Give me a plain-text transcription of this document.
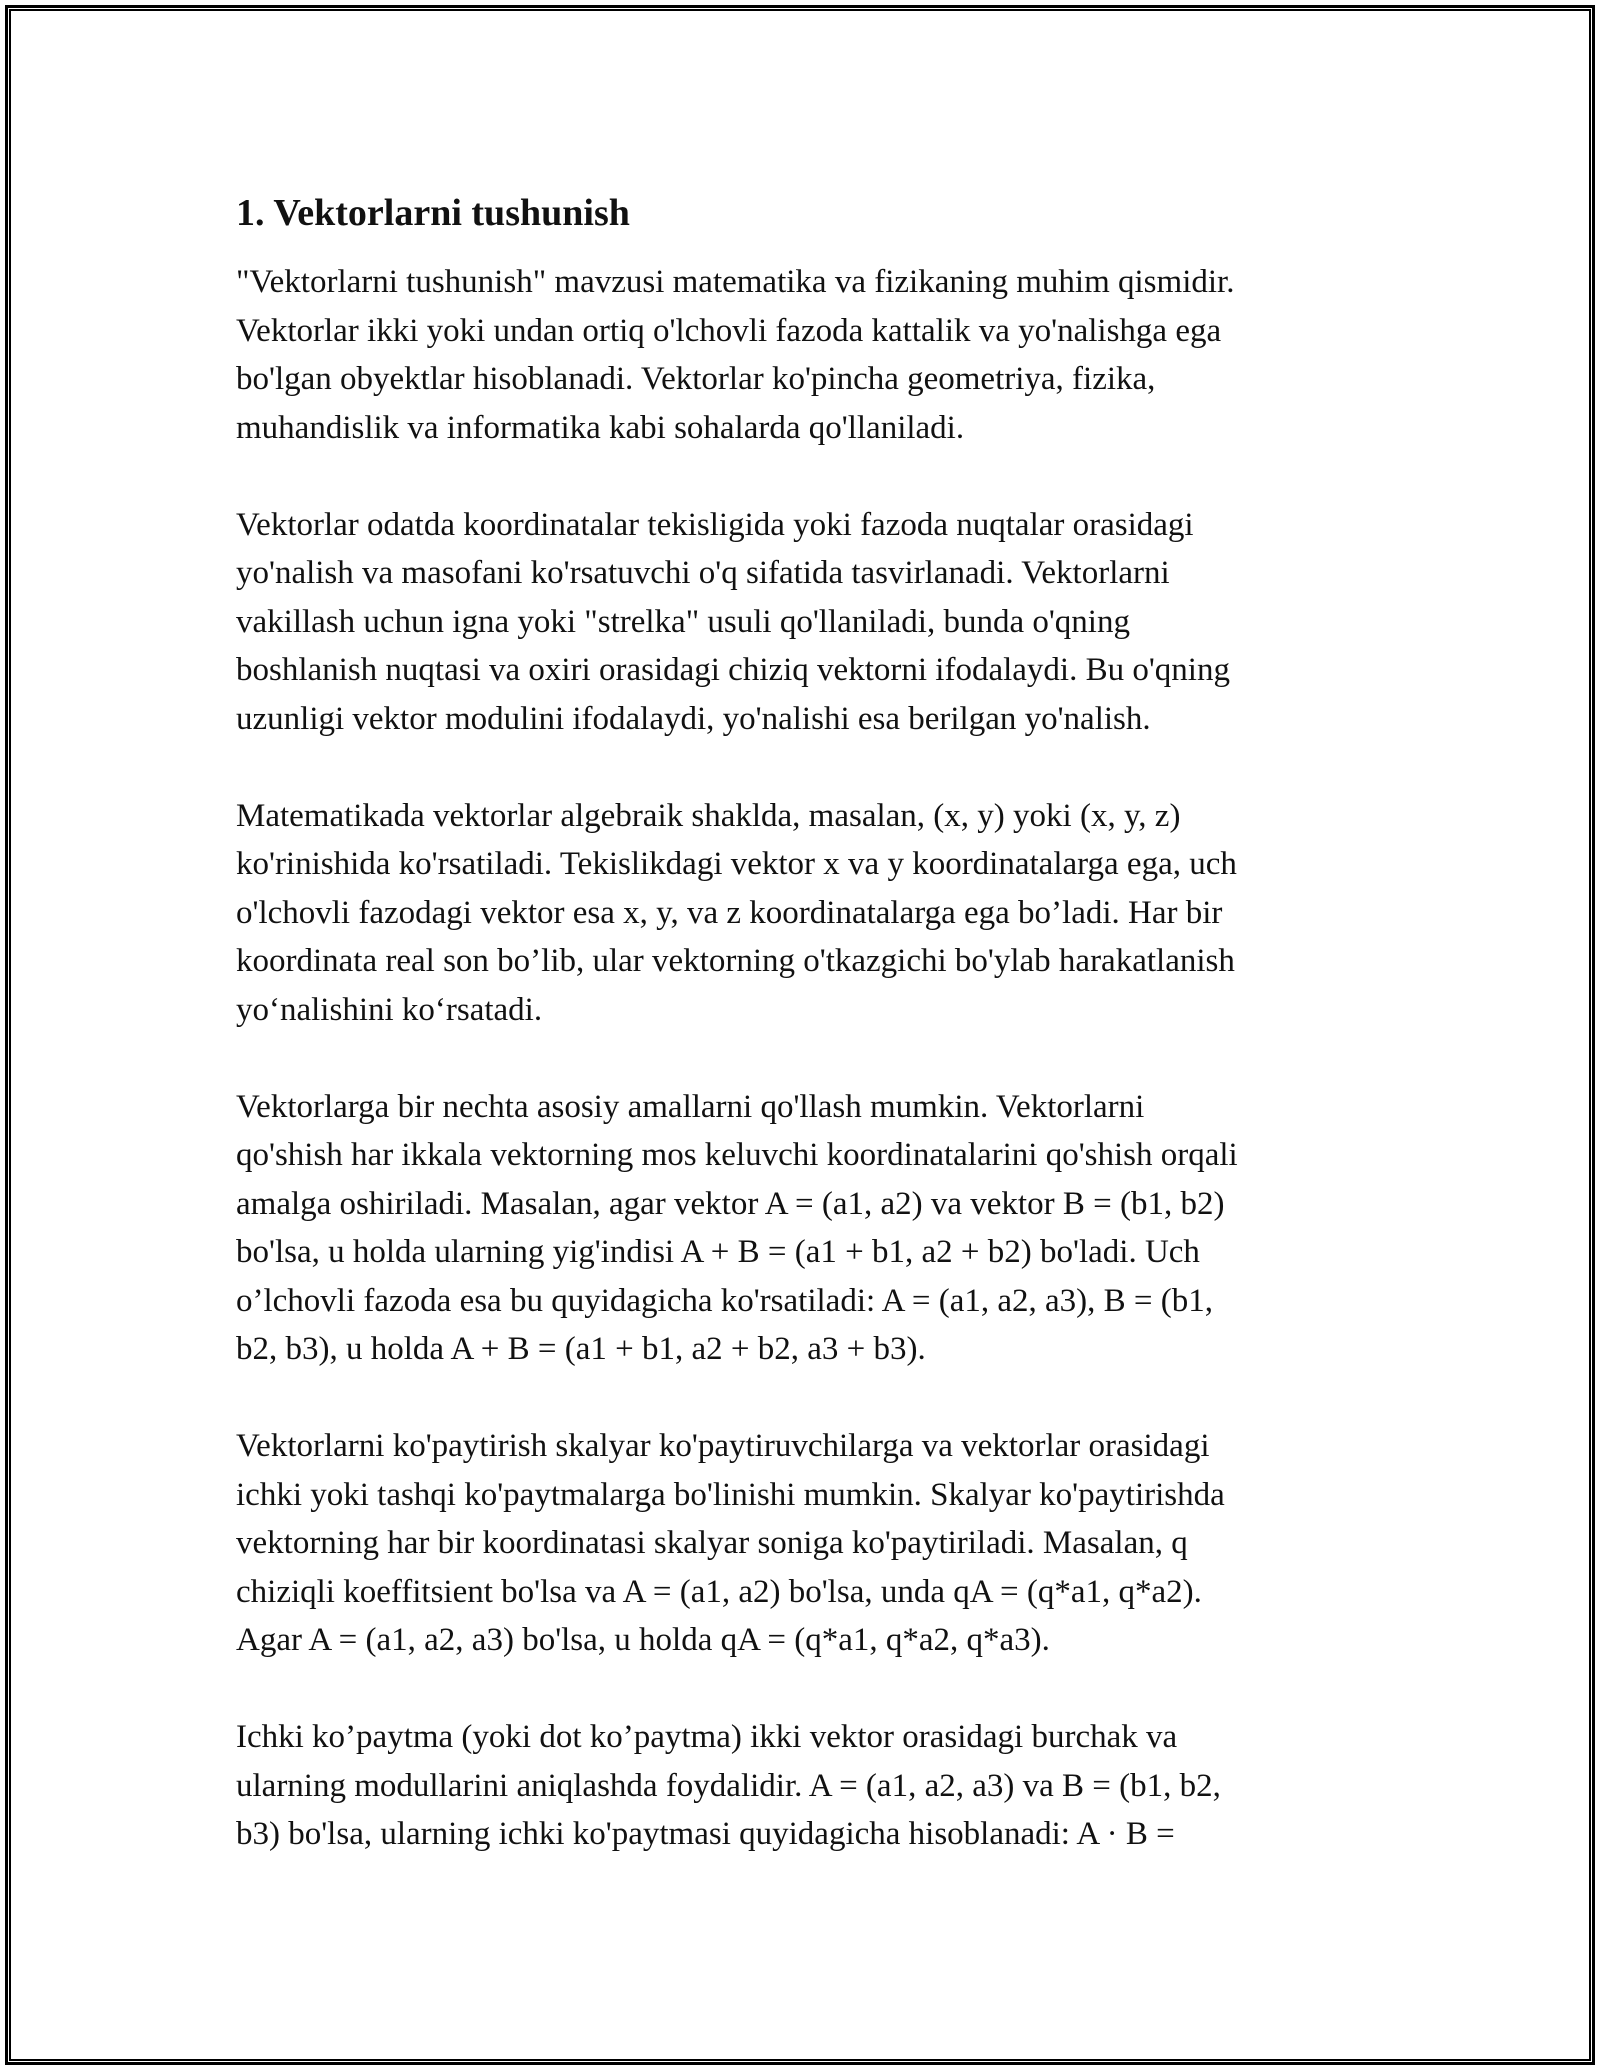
1. Vektorlarni tushunish

"Vektorlarni tushunish" mavzusi matematika va fizikaning muhim qismidir.
Vektorlar ikki yoki undan ortiq o'lchovli fazoda kattalik va yo'nalishga ega
bo'lgan obyektlar hisoblanadi. Vektorlar ko'pincha geometriya, fizika,
muhandislik va informatika kabi sohalarda qo'llaniladi.

Vektorlar odatda koordinatalar tekisligida yoki fazoda nuqtalar orasidagi
yo'nalish va masofani ko'rsatuvchi o'q sifatida tasvirlanadi. Vektorlarni
vakillash uchun igna yoki "strelka" usuli qo'llaniladi, bunda o'qning
boshlanish nuqtasi va oxiri orasidagi chiziq vektorni ifodalaydi. Bu o'qning
uzunligi vektor modulini ifodalaydi, yo'nalishi esa berilgan yo'nalish.

Matematikada vektorlar algebraik shaklda, masalan, (x, y) yoki (x, y, z)
ko'rinishida ko'rsatiladi. Tekislikdagi vektor x va y koordinatalarga ega, uch
o'lchovli fazodagi vektor esa x, y, va z koordinatalarga ega bo’ladi. Har bir
koordinata real son bo’lib, ular vektorning o'tkazgichi bo'ylab harakatlanish
yo‘nalishini ko‘rsatadi.

Vektorlarga bir nechta asosiy amallarni qo'llash mumkin. Vektorlarni
qo'shish har ikkala vektorning mos keluvchi koordinatalarini qo'shish orqali
amalga oshiriladi. Masalan, agar vektor A = (a1, a2) va vektor B = (b1, b2)
bo'lsa, u holda ularning yig'indisi A + B = (a1 + b1, a2 + b2) bo'ladi. Uch
o’lchovli fazoda esa bu quyidagicha ko'rsatiladi: A = (a1, a2, a3), B = (b1,
b2, b3), u holda A + B = (a1 + b1, a2 + b2, a3 + b3).

Vektorlarni ko'paytirish skalyar ko'paytiruvchilarga va vektorlar orasidagi
ichki yoki tashqi ko'paytmalarga bo'linishi mumkin. Skalyar ko'paytirishda
vektorning har bir koordinatasi skalyar soniga ko'paytiriladi. Masalan, q
chiziqli koeffitsient bo'lsa va A = (a1, a2) bo'lsa, unda qA = (q*a1, q*a2).
Agar A = (a1, a2, a3) bo'lsa, u holda qA = (q*a1, q*a2, q*a3).

Ichki ko’paytma (yoki dot ko’paytma) ikki vektor orasidagi burchak va
ularning modullarini aniqlashda foydalidir. A = (a1, a2, a3) va B = (b1, b2,
b3) bo'lsa, ularning ichki ko'paytmasi quyidagicha hisoblanadi: A · B =
